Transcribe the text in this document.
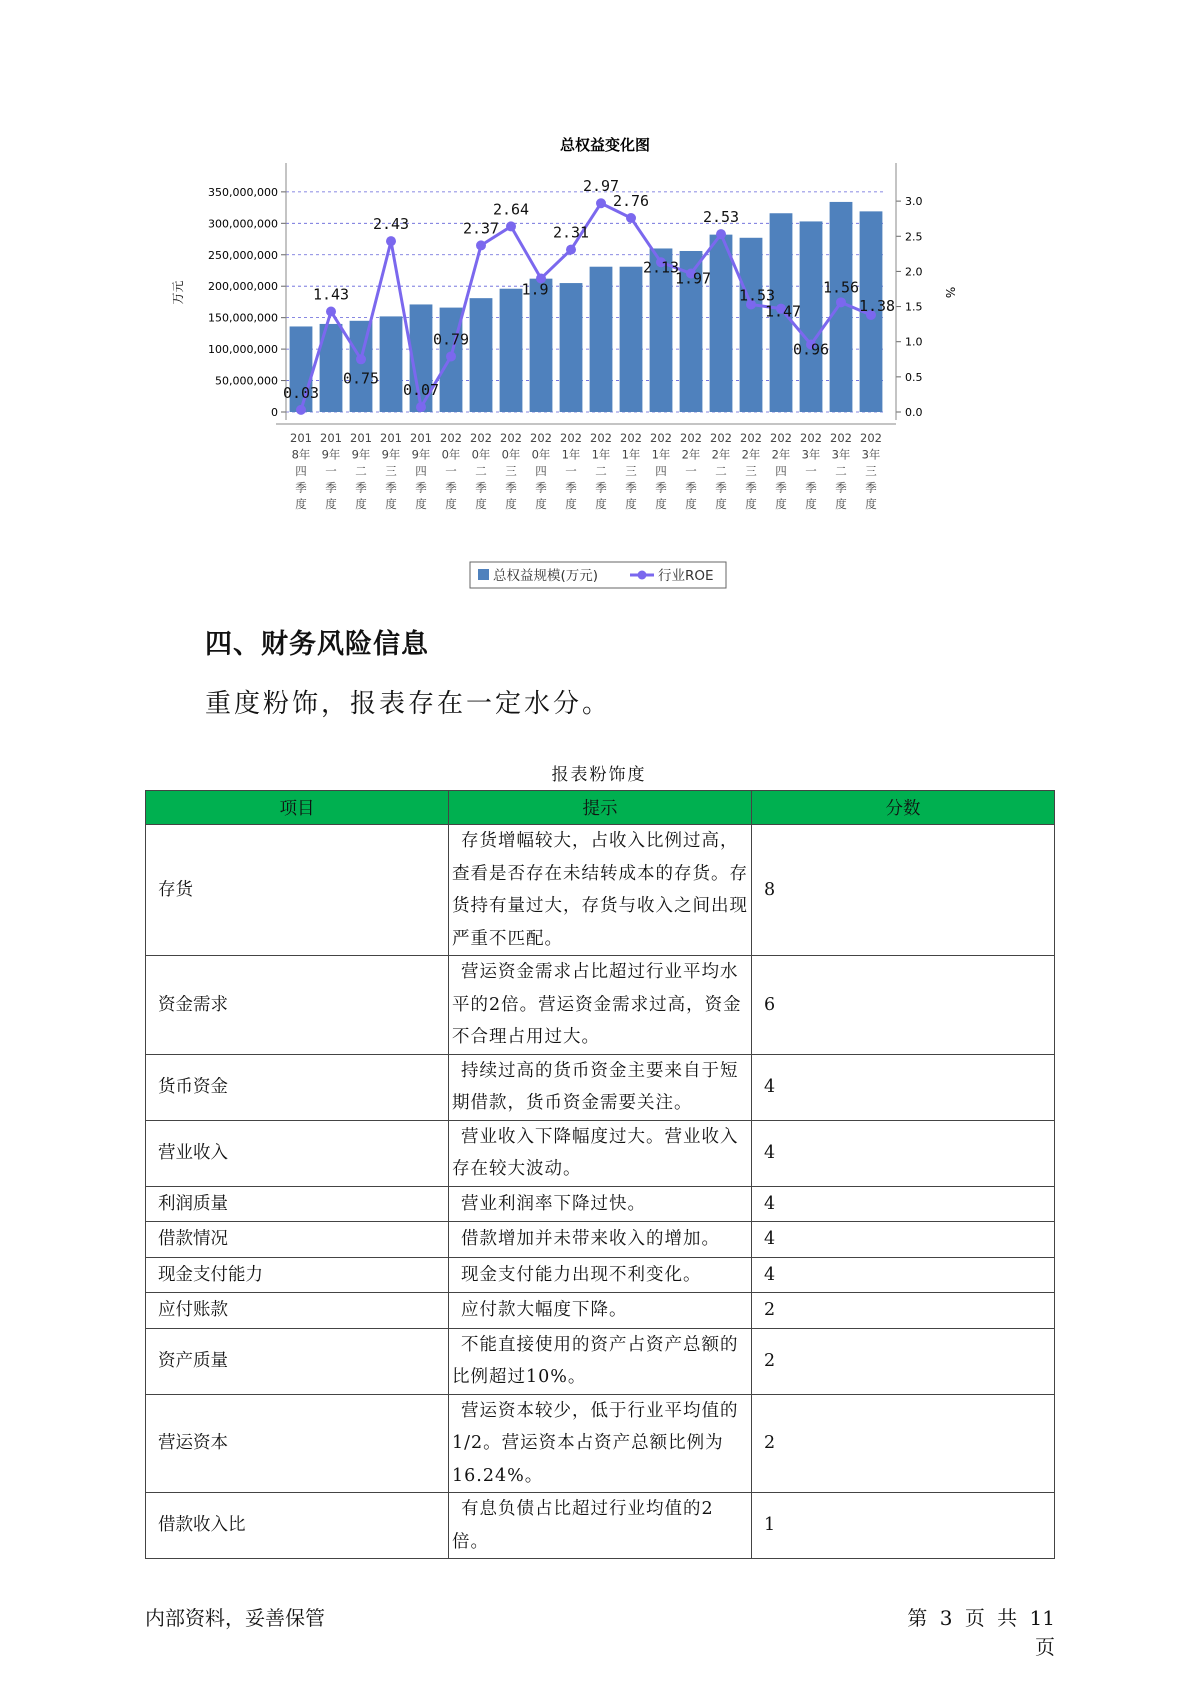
总权益变化图
0
50,000,000
100,000,000
150,000,000
200,000,000
250,000,000
300,000,000
350,000,000
0.0
0.5
1.0
1.5
2.0
2.5
3.0
万元	%
201
8年
四
季
度
201
9年
一
季
度
201
9年
二
季
度
201
9年
三
季
度
201
9年
四
季
度
202
0年
一
季
度
202
0年
二
季
度
202
0年
三
季
度
202
0年
四
季
度
202
1年
一
季
度
202
1年
二
季
度
202
1年
三
季
度
202
1年
四
季
度
202
2年
一
季
度
202
2年
二
季
度
202
2年
三
季
度
202
2年
四
季
度
202
3年
一
季
度
202
3年
二
季
度
202
3年
三
季
度
0.03
1.43
0.75
2.43
0.07
0.79
2.37
2.64
1.9
2.31
2.97
2.76
2.13
1.97
2.53
1.53
1.47
0.96
1.56
1.38
总权益规模(万元)	行业ROE
四、财务风险信息

重度粉饰，报表存在一定水分。

报表粉饰度
项目	提示	分数
存货	存货增幅较大，占收入比例过高，查看是否存在未结转成本的存货。存货持有量过大，存货与收入之间出现严重不匹配。	8
资金需求	营运资金需求占比超过行业平均水平的2倍。营运资金需求过高，资金不合理占用过大。	6
货币资金	持续过高的货币资金主要来自于短期借款，货币资金需要关注。	4
营业收入	营业收入下降幅度过大。营业收入存在较大波动。	4
利润质量	营业利润率下降过快。	4
借款情况	借款增加并未带来收入的增加。	4
现金支付能力	现金支付能力出现不利变化。	4
应付账款	应付款大幅度下降。	2
资产质量	不能直接使用的资产占资产总额的比例超过10%。	2
营运资本	营运资本较少，低于行业平均值的1/2。营运资本占资产总额比例为16.24%。	2
借款收入比	有息负债占比超过行业均值的2倍。	1
内部资料，妥善保管	第 3 页 共 11 页
